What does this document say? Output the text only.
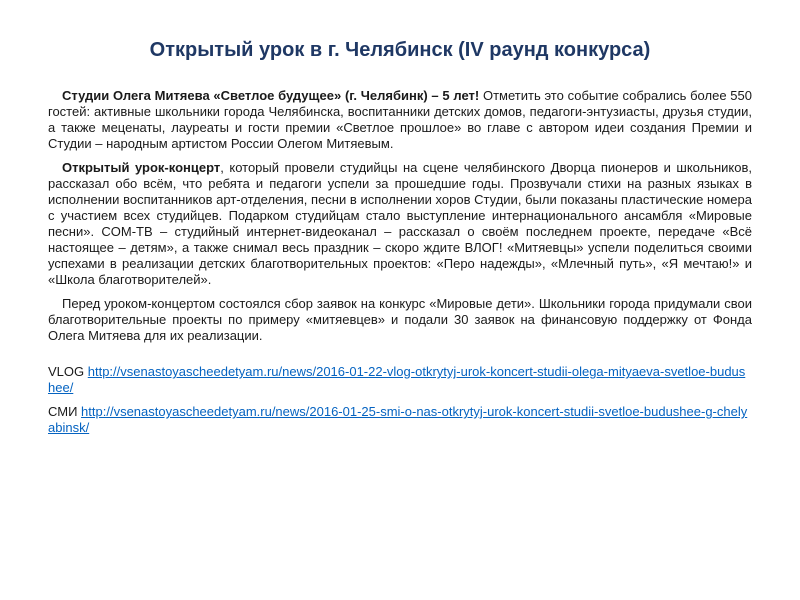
Открытый урок в г. Челябинск (IV раунд конкурса)

Студии Олега Митяева «Светлое будущее» (г. Челябинк) – 5 лет! Отметить это событие собрались более 550 гостей: активные школьники города Челябинска, воспитанники детских домов, педагоги-энтузиасты, друзья студии, а также меценаты, лауреаты и гости премии «Светлое прошлое» во главе с автором идеи создания Премии и Студии – народным артистом России Олегом Митяевым.

Открытый урок-концерт, который провели студийцы на сцене челябинского Дворца пионеров и школьников, рассказал обо всём, что ребята и педагоги успели за прошедшие годы. Прозвучали стихи на разных языках в исполнении воспитанников арт-отделения, песни в исполнении хоров Студии, были показаны пластические номера с участием всех студийцев. Подарком студийцам стало выступление интернационального ансамбля «Мировые песни». COM-TB – студийный интернет-видеоканал – рассказал о своём последнем проекте, передаче «Всё настоящее – детям», а также снимал весь праздник – скоро ждите ВЛОГ! «Митяевцы» успели поделиться своими успехами в реализации детских благотворительных проектов: «Перо надежды», «Млечный путь», «Я мечтаю!» и «Школа благотворителей».

Перед уроком-концертом состоялся сбор заявок на конкурс «Мировые дети». Школьники города придумали свои благотворительные проекты по примеру «митяевцев» и подали 30 заявок на финансовую поддержку от Фонда Олега Митяева для их реализации.

VLOG http://vsenastoyascheedetyam.ru/news/2016-01-22-vlog-otkrytyj-urok-koncert-studii-olega-mityaeva-svetloe-budushee/
СМИ http://vsenastoyascheedetyam.ru/news/2016-01-25-smi-o-nas-otkrytyj-urok-koncert-studii-svetloe-budushee-g-chelyabinsk/
